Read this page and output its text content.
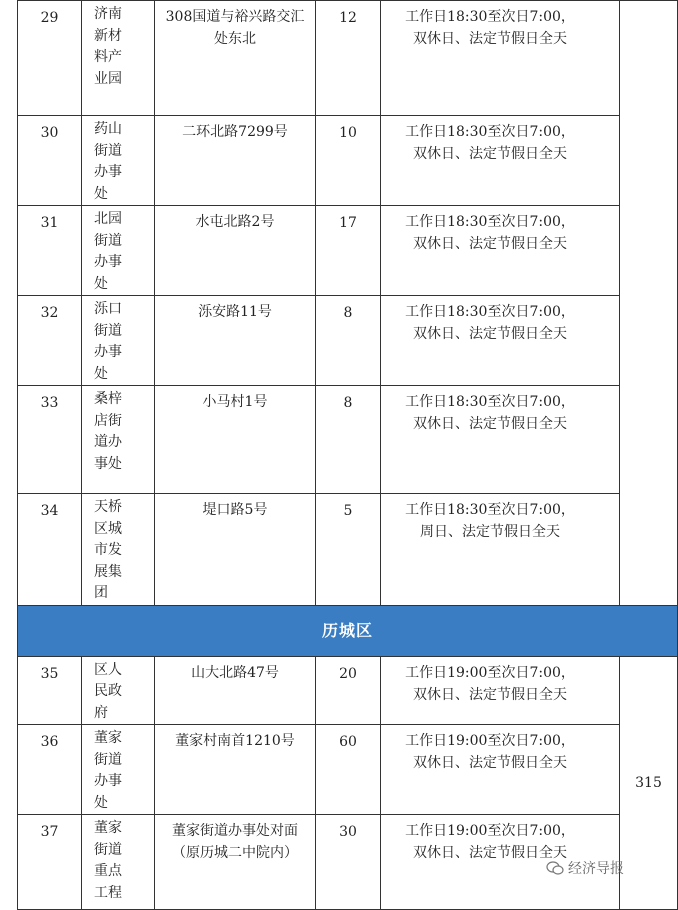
29	济南新材料产业园	308国道与裕兴路交汇处东北	12	工作日18:30至次日7:00，双休日、法定节假日全天	

30	药山街道办事处	二环北路7299号	10	工作日18:30至次日7:00，双休日、法定节假日全天	

31	北园街道办事处	水屯北路2号	17	工作日18:30至次日7:00，双休日、法定节假日全天	

32	泺口街道办事处	泺安路11号	8	工作日18:30至次日7:00，双休日、法定节假日全天	

33	桑梓店街道办事处	小马村1号	8	工作日18:30至次日7:00，双休日、法定节假日全天	

34	天桥区城市发展集团	堤口路5号	5	工作日18:30至次日7:00，周日、法定节假日全天	

历城区					
35	区人民政府	山大北路47号	20	工作日19:00至次日7:00，双休日、法定节假日全天	315
36	董家街道办事处	董家村南首1210号	60	工作日19:00至次日7:00，双休日、法定节假日全天	

37	董家街道重点工程	董家街道办事处对面（原历城二中院内）	30	工作日19:00至次日7:00，双休日、法定节假日全天	
经济导报
